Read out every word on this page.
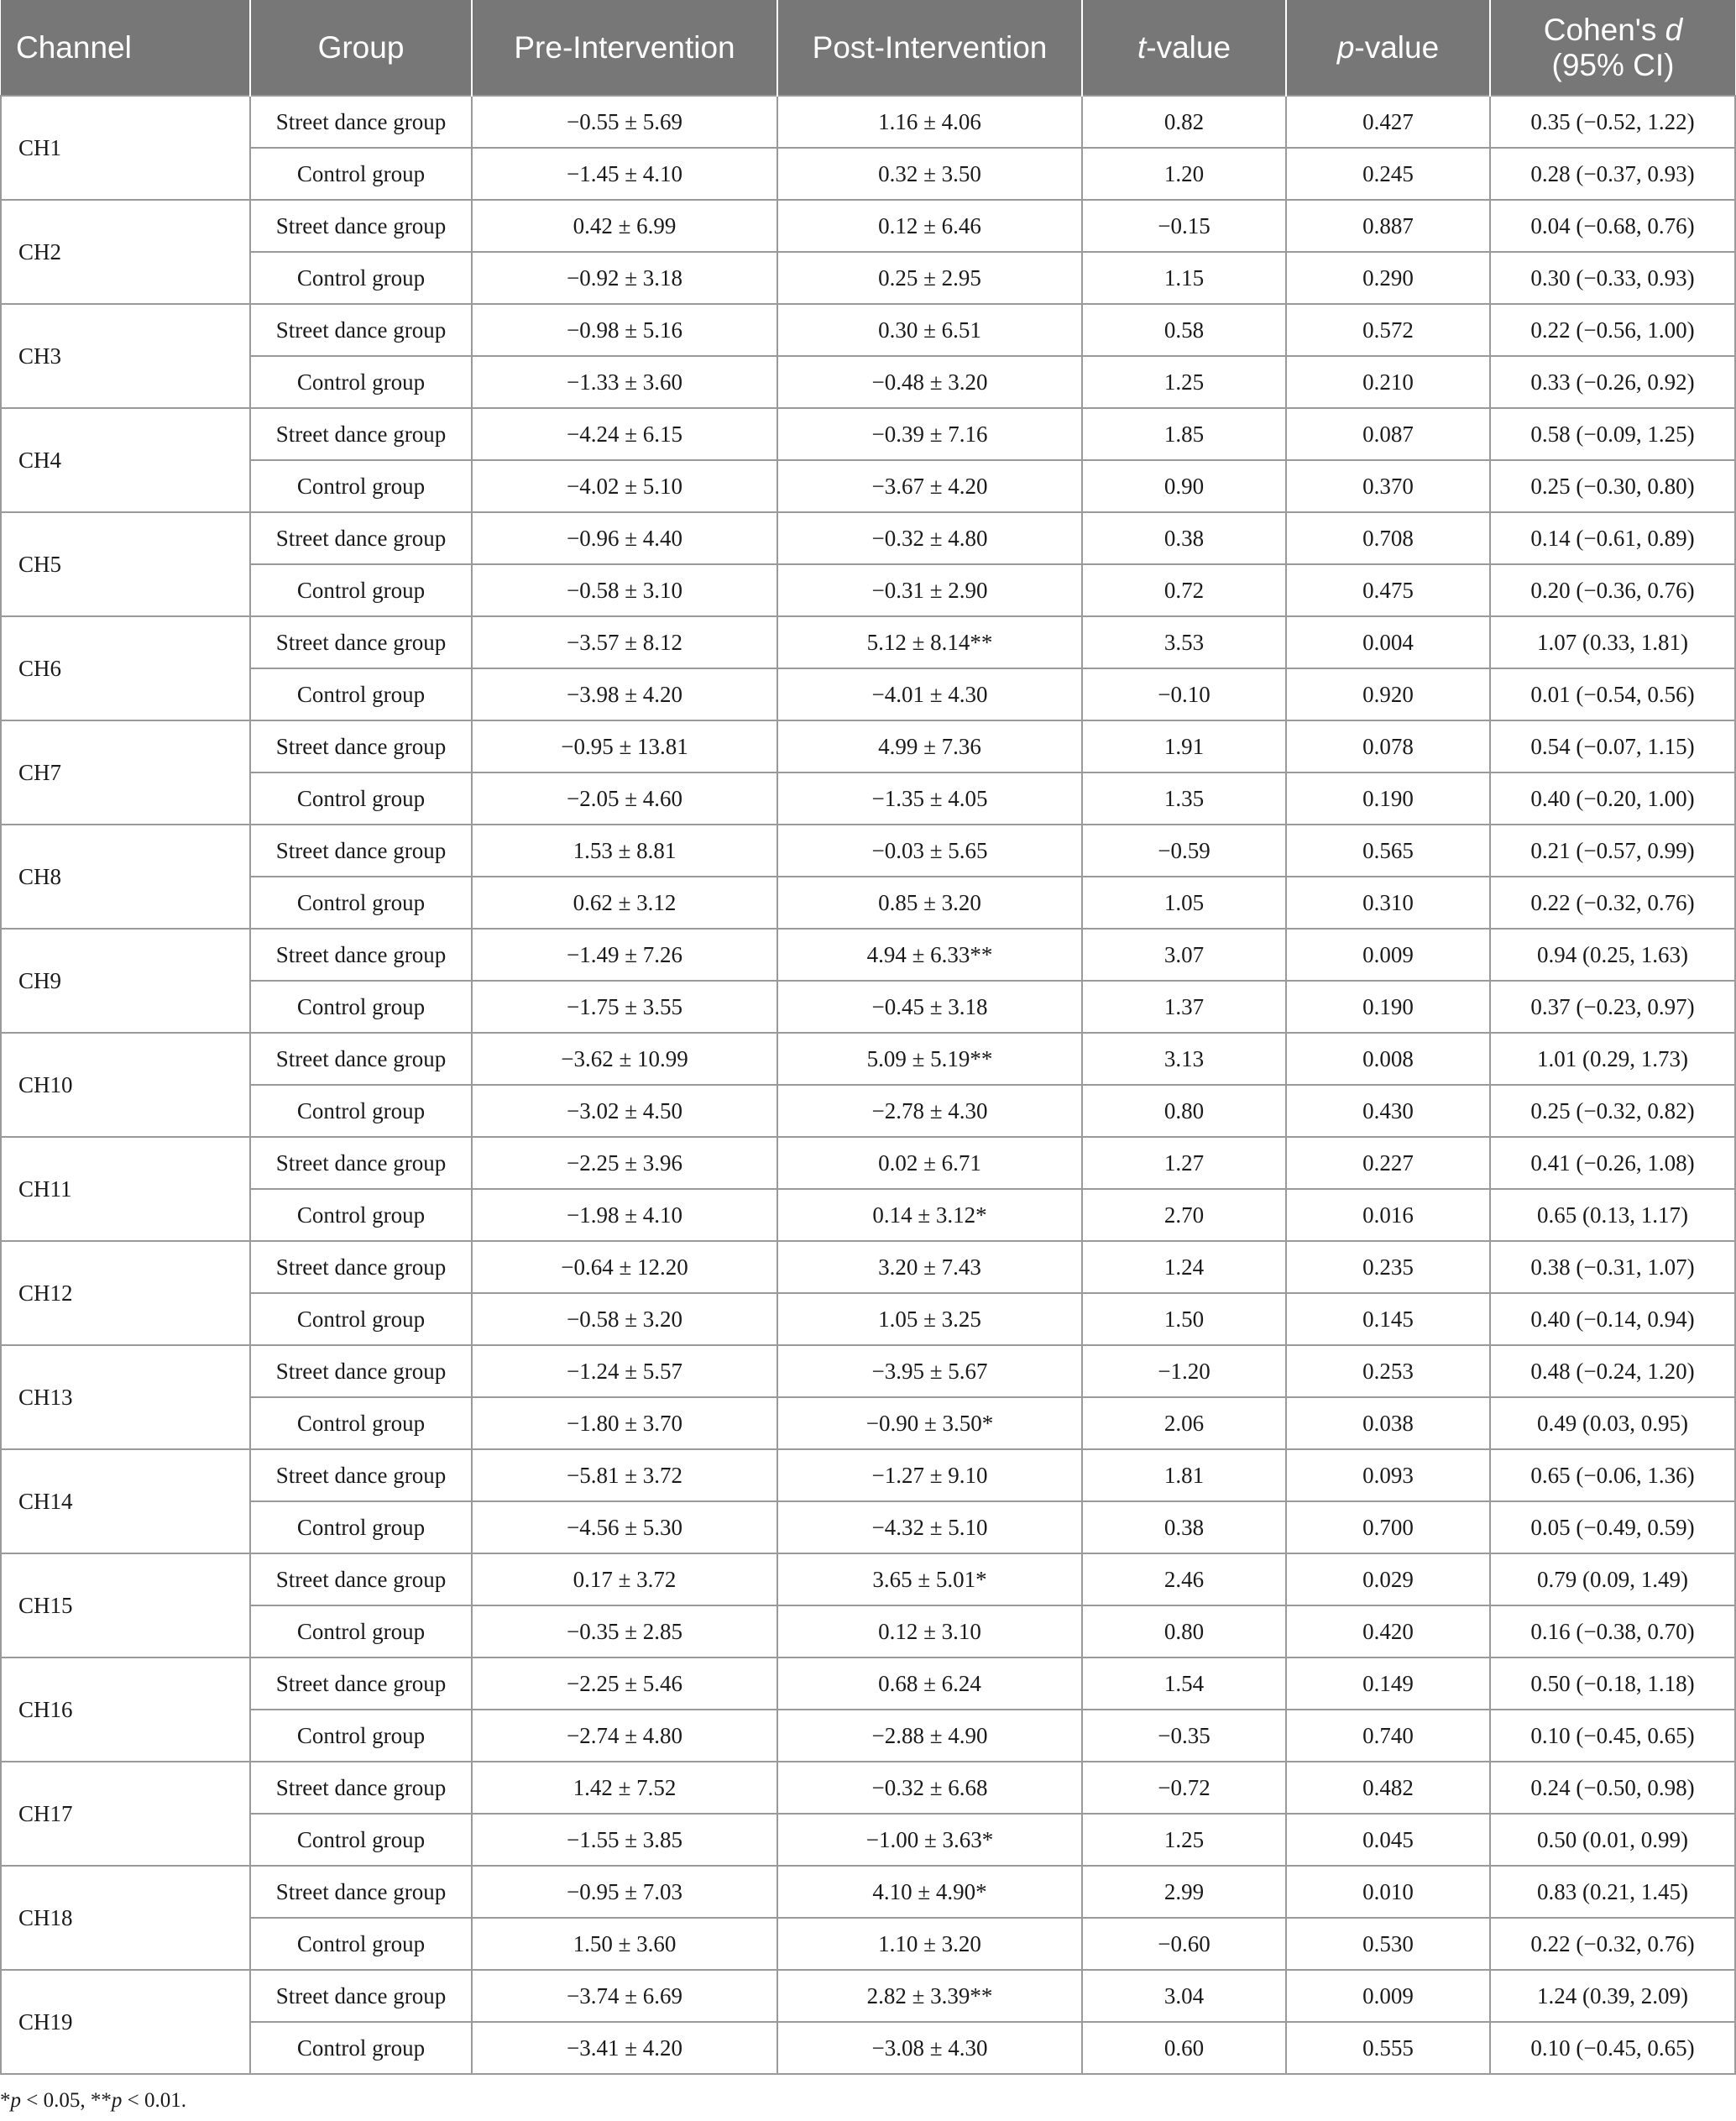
Channel	Group	Pre-Intervention	Post-Intervention	t-value	p-value	Cohen's d
(95% CI)
CH1	Street dance group	−0.55 ± 5.69	1.16 ± 4.06	0.82	0.427	0.35 (−0.52, 1.22)
	Control group	−1.45 ± 4.10	0.32 ± 3.50	1.20	0.245	0.28 (−0.37, 0.93)
CH2	Street dance group	0.42 ± 6.99	0.12 ± 6.46	−0.15	0.887	0.04 (−0.68, 0.76)
	Control group	−0.92 ± 3.18	0.25 ± 2.95	1.15	0.290	0.30 (−0.33, 0.93)
CH3	Street dance group	−0.98 ± 5.16	0.30 ± 6.51	0.58	0.572	0.22 (−0.56, 1.00)
	Control group	−1.33 ± 3.60	−0.48 ± 3.20	1.25	0.210	0.33 (−0.26, 0.92)
CH4	Street dance group	−4.24 ± 6.15	−0.39 ± 7.16	1.85	0.087	0.58 (−0.09, 1.25)
	Control group	−4.02 ± 5.10	−3.67 ± 4.20	0.90	0.370	0.25 (−0.30, 0.80)
CH5	Street dance group	−0.96 ± 4.40	−0.32 ± 4.80	0.38	0.708	0.14 (−0.61, 0.89)
	Control group	−0.58 ± 3.10	−0.31 ± 2.90	0.72	0.475	0.20 (−0.36, 0.76)
CH6	Street dance group	−3.57 ± 8.12	5.12 ± 8.14**	3.53	0.004	1.07 (0.33, 1.81)
	Control group	−3.98 ± 4.20	−4.01 ± 4.30	−0.10	0.920	0.01 (−0.54, 0.56)
CH7	Street dance group	−0.95 ± 13.81	4.99 ± 7.36	1.91	0.078	0.54 (−0.07, 1.15)
	Control group	−2.05 ± 4.60	−1.35 ± 4.05	1.35	0.190	0.40 (−0.20, 1.00)
CH8	Street dance group	1.53 ± 8.81	−0.03 ± 5.65	−0.59	0.565	0.21 (−0.57, 0.99)
	Control group	0.62 ± 3.12	0.85 ± 3.20	1.05	0.310	0.22 (−0.32, 0.76)
CH9	Street dance group	−1.49 ± 7.26	4.94 ± 6.33**	3.07	0.009	0.94 (0.25, 1.63)
	Control group	−1.75 ± 3.55	−0.45 ± 3.18	1.37	0.190	0.37 (−0.23, 0.97)
CH10	Street dance group	−3.62 ± 10.99	5.09 ± 5.19**	3.13	0.008	1.01 (0.29, 1.73)
	Control group	−3.02 ± 4.50	−2.78 ± 4.30	0.80	0.430	0.25 (−0.32, 0.82)
CH11	Street dance group	−2.25 ± 3.96	0.02 ± 6.71	1.27	0.227	0.41 (−0.26, 1.08)
	Control group	−1.98 ± 4.10	0.14 ± 3.12*	2.70	0.016	0.65 (0.13, 1.17)
CH12	Street dance group	−0.64 ± 12.20	3.20 ± 7.43	1.24	0.235	0.38 (−0.31, 1.07)
	Control group	−0.58 ± 3.20	1.05 ± 3.25	1.50	0.145	0.40 (−0.14, 0.94)
CH13	Street dance group	−1.24 ± 5.57	−3.95 ± 5.67	−1.20	0.253	0.48 (−0.24, 1.20)
	Control group	−1.80 ± 3.70	−0.90 ± 3.50*	2.06	0.038	0.49 (0.03, 0.95)
CH14	Street dance group	−5.81 ± 3.72	−1.27 ± 9.10	1.81	0.093	0.65 (−0.06, 1.36)
	Control group	−4.56 ± 5.30	−4.32 ± 5.10	0.38	0.700	0.05 (−0.49, 0.59)
CH15	Street dance group	0.17 ± 3.72	3.65 ± 5.01*	2.46	0.029	0.79 (0.09, 1.49)
	Control group	−0.35 ± 2.85	0.12 ± 3.10	0.80	0.420	0.16 (−0.38, 0.70)
CH16	Street dance group	−2.25 ± 5.46	0.68 ± 6.24	1.54	0.149	0.50 (−0.18, 1.18)
	Control group	−2.74 ± 4.80	−2.88 ± 4.90	−0.35	0.740	0.10 (−0.45, 0.65)
CH17	Street dance group	1.42 ± 7.52	−0.32 ± 6.68	−0.72	0.482	0.24 (−0.50, 0.98)
	Control group	−1.55 ± 3.85	−1.00 ± 3.63*	1.25	0.045	0.50 (0.01, 0.99)
CH18	Street dance group	−0.95 ± 7.03	4.10 ± 4.90*	2.99	0.010	0.83 (0.21, 1.45)
	Control group	1.50 ± 3.60	1.10 ± 3.20	−0.60	0.530	0.22 (−0.32, 0.76)
CH19	Street dance group	−3.74 ± 6.69	2.82 ± 3.39**	3.04	0.009	1.24 (0.39, 2.09)
	Control group	−3.41 ± 4.20	−3.08 ± 4.30	0.60	0.555	0.10 (−0.45, 0.65)
*p < 0.05, **p < 0.01.
